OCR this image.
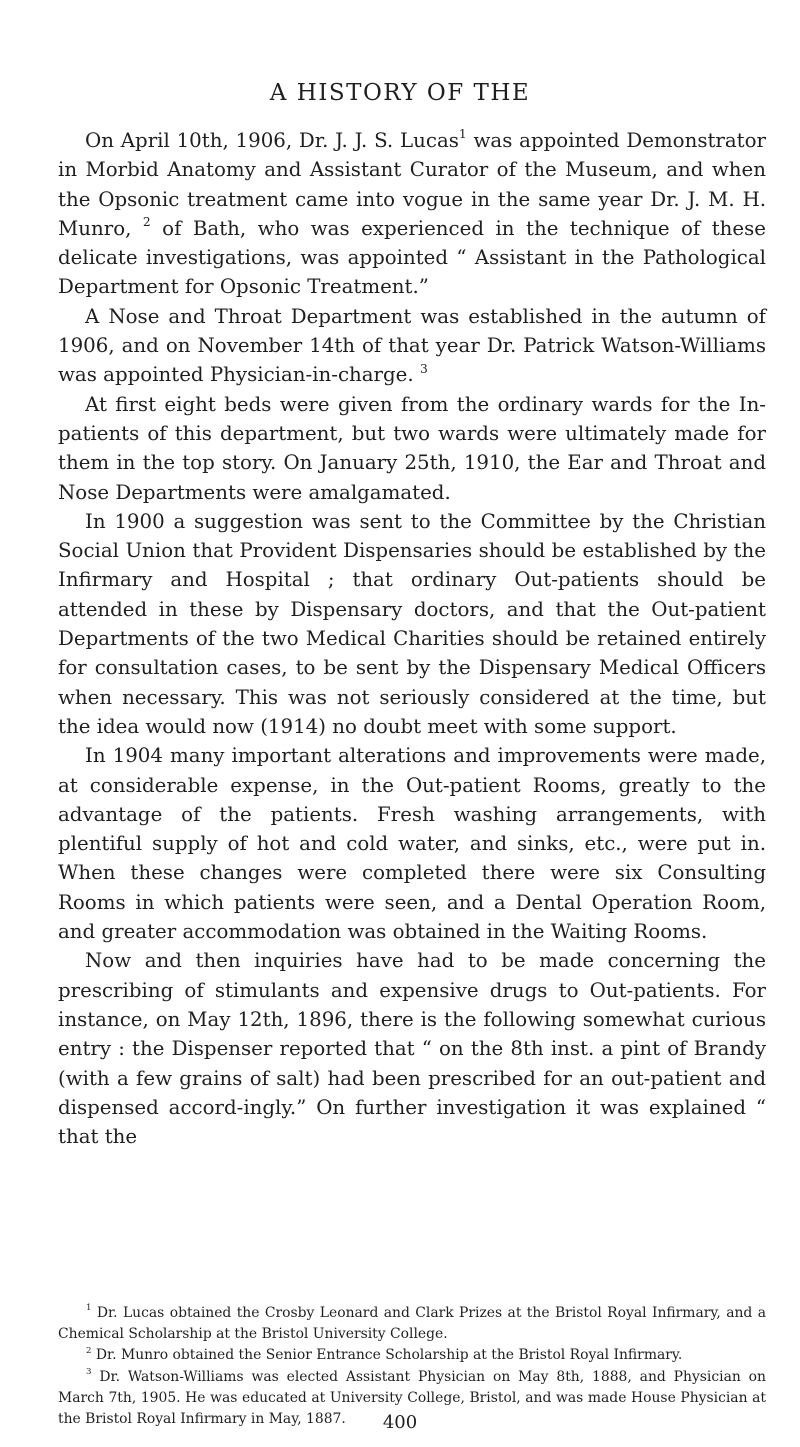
A HISTORY OF THE

On April 10th, 1906, Dr. J. J. S. Lucas$^1$ was appointed Demonstrator in Morbid Anatomy and Assistant Curator of the Museum, and when the Opsonic treatment came into vogue in the same year Dr. J. M. H. Munro, $^2$ of Bath, who was experienced in the technique of these delicate investigations, was appointed “ Assistant in the Pathological Department for Opsonic Treatment.”

A Nose and Throat Department was established in the autumn of 1906, and on November 14th of that year Dr. Patrick Watson-Williams was appointed Physician-in-charge. $^3$

At first eight beds were given from the ordinary wards for the In-patients of this department, but two wards were ultimately made for them in the top story. On January 25th, 1910, the Ear and Throat and Nose Departments were amalgamated.

In 1900 a suggestion was sent to the Committee by the Christian Social Union that Provident Dispensaries should be established by the Infirmary and Hospital ; that ordinary Out-patients should be attended in these by Dispensary doctors, and that the Out-patient Departments of the two Medical Charities should be retained entirely for consultation cases, to be sent by the Dispensary Medical Officers when necessary. This was not seriously considered at the time, but the idea would now (1914) no doubt meet with some support.

In 1904 many important alterations and improvements were made, at considerable expense, in the Out-patient Rooms, greatly to the advantage of the patients. Fresh washing arrangements, with plentiful supply of hot and cold water, and sinks, etc., were put in. When these changes were completed there were six Consulting Rooms in which patients were seen, and a Dental Operation Room, and greater accommodation was obtained in the Waiting Rooms.

Now and then inquiries have had to be made concerning the prescribing of stimulants and expensive drugs to Out-patients. For instance, on May 12th, 1896, there is the following somewhat curious entry : the Dispenser reported that “ on the 8th inst. a pint of Brandy (with a few grains of salt) had been prescribed for an out-patient and dispensed accord-ingly.” On further investigation it was explained “ that the

$^1$ Dr. Lucas obtained the Crosby Leonard and Clark Prizes at the Bristol Royal Infirmary, and a Chemical Scholarship at the Bristol University College.

$^2$ Dr. Munro obtained the Senior Entrance Scholarship at the Bristol Royal Infirmary.

$^3$ Dr. Watson-Williams was elected Assistant Physician on May 8th, 1888, and Physician on March 7th, 1905. He was educated at University College, Bristol, and was made House Physician at the Bristol Royal Infirmary in May, 1887.	400
